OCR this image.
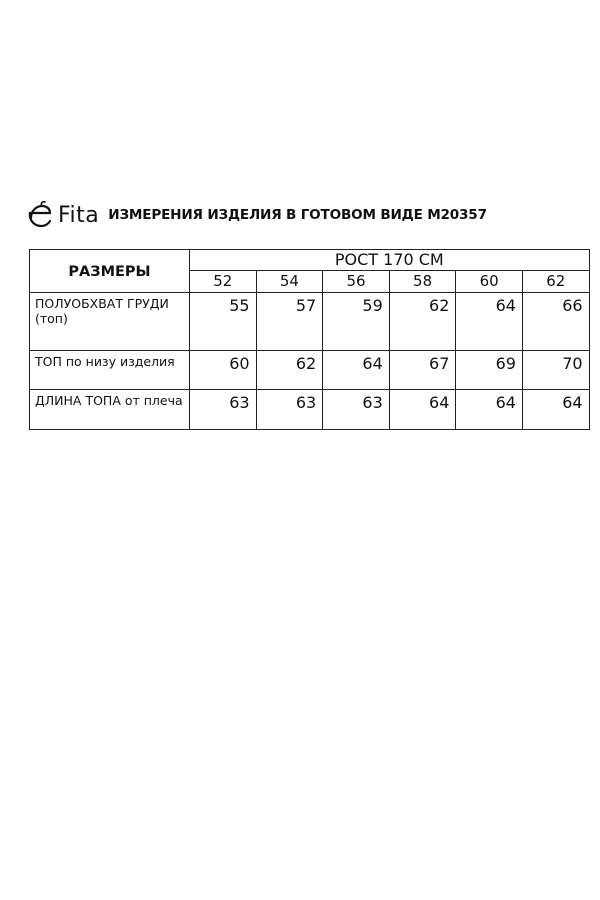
Fita ИЗМЕРЕНИЯ ИЗДЕЛИЯ В ГОТОВОМ ВИДЕ М20357
РАЗМЕРЫ	РОСТ 170 СМ					
	52	54	56	58	60	62
ПОЛУОБХВАТ ГРУДИ (топ)	55	57	59	62	64	66
ТОП по низу изделия	60	62	64	67	69	70
ДЛИНА ТОПА от плеча	63	63	63	64	64	64
